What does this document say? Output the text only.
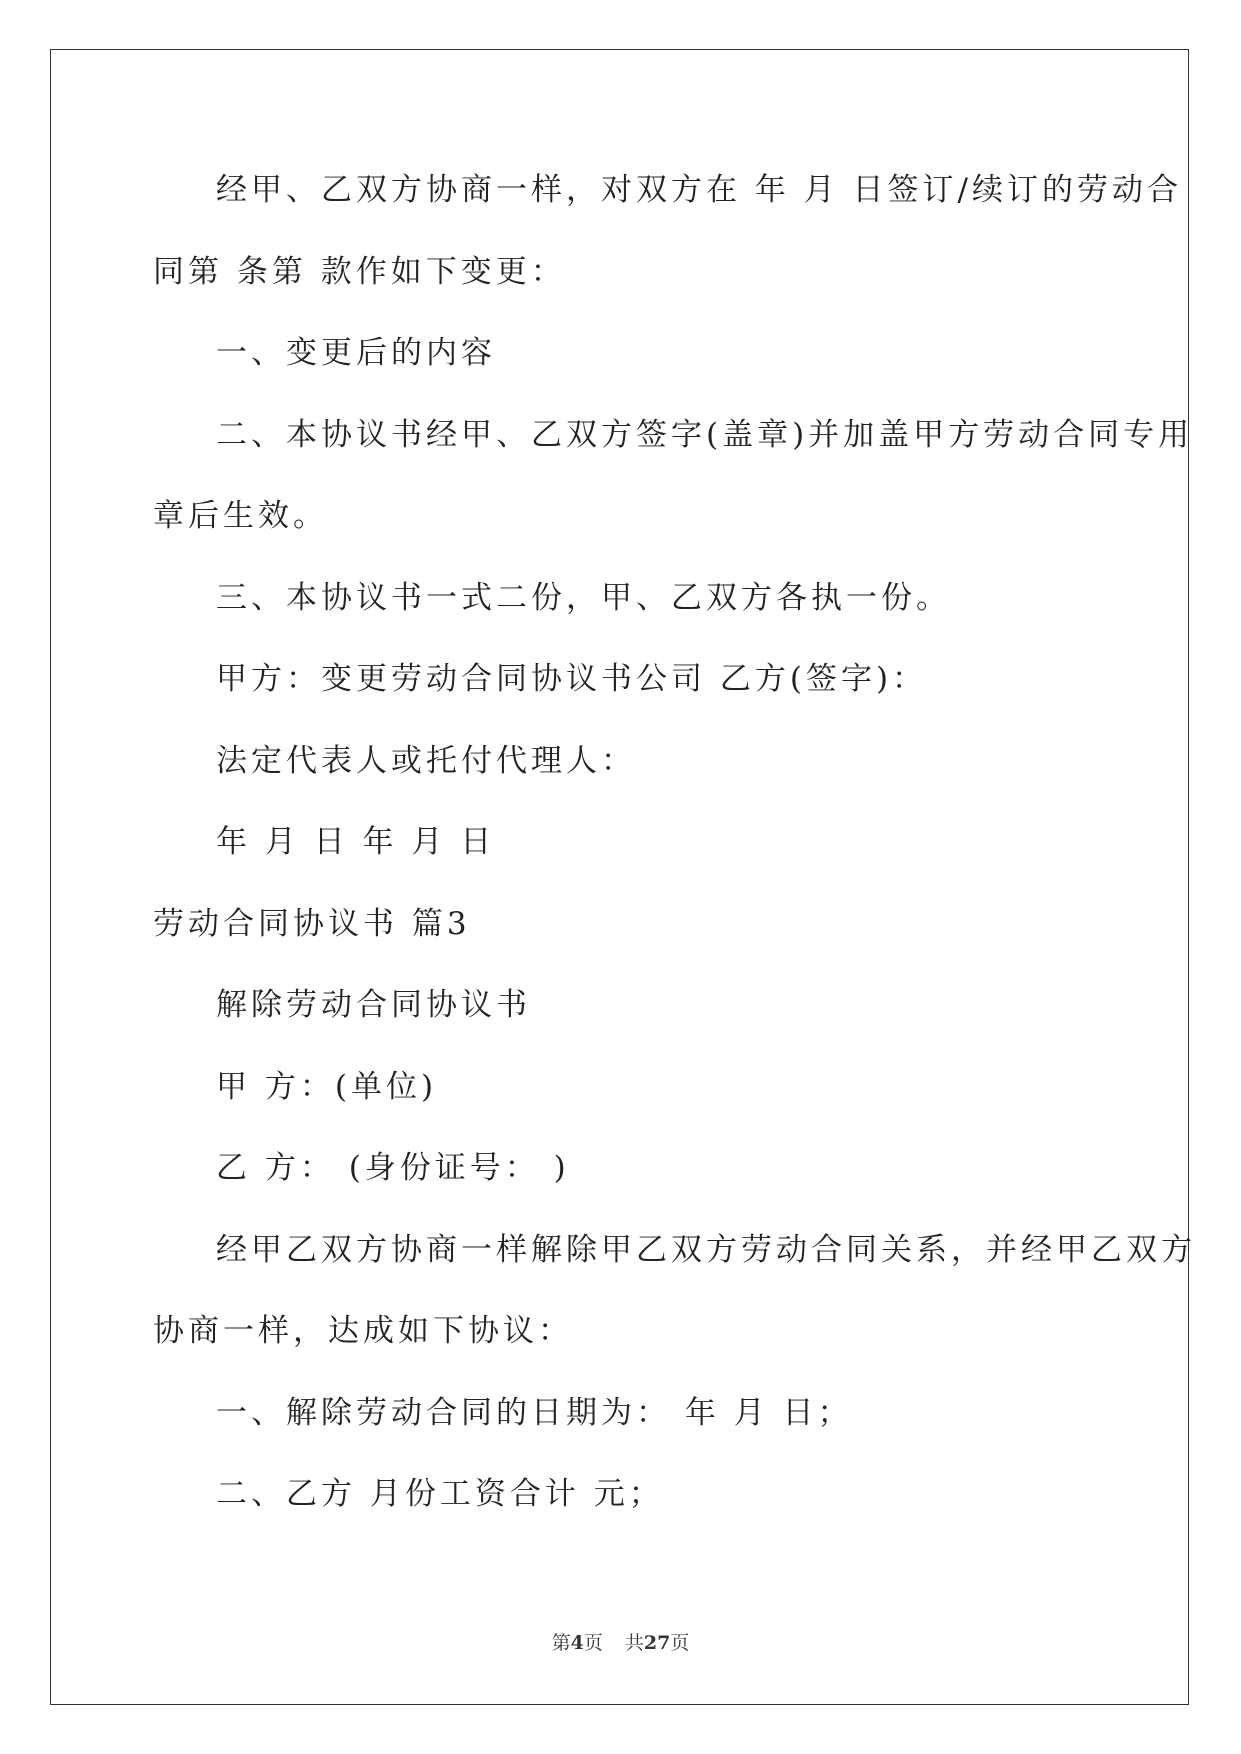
经甲、乙双方协商一样，对双方在 年 月 日签订/续订的劳动合
同第 条第 款作如下变更：
一、变更后的内容
二、本协议书经甲、乙双方签字(盖章)并加盖甲方劳动合同专用
章后生效。
三、本协议书一式二份，甲、乙双方各执一份。
甲方：变更劳动合同协议书公司 乙方(签字)：
法定代表人或托付代理人：
年 月 日 年 月 日
劳动合同协议书 篇3
解除劳动合同协议书
甲 方：(单位)
乙 方： (身份证号： )
经甲乙双方协商一样解除甲乙双方劳动合同关系，并经甲乙双方
协商一样，达成如下协议：
一、解除劳动合同的日期为： 年 月 日；
二、乙方 月份工资合计 元；
第4页 共27页
